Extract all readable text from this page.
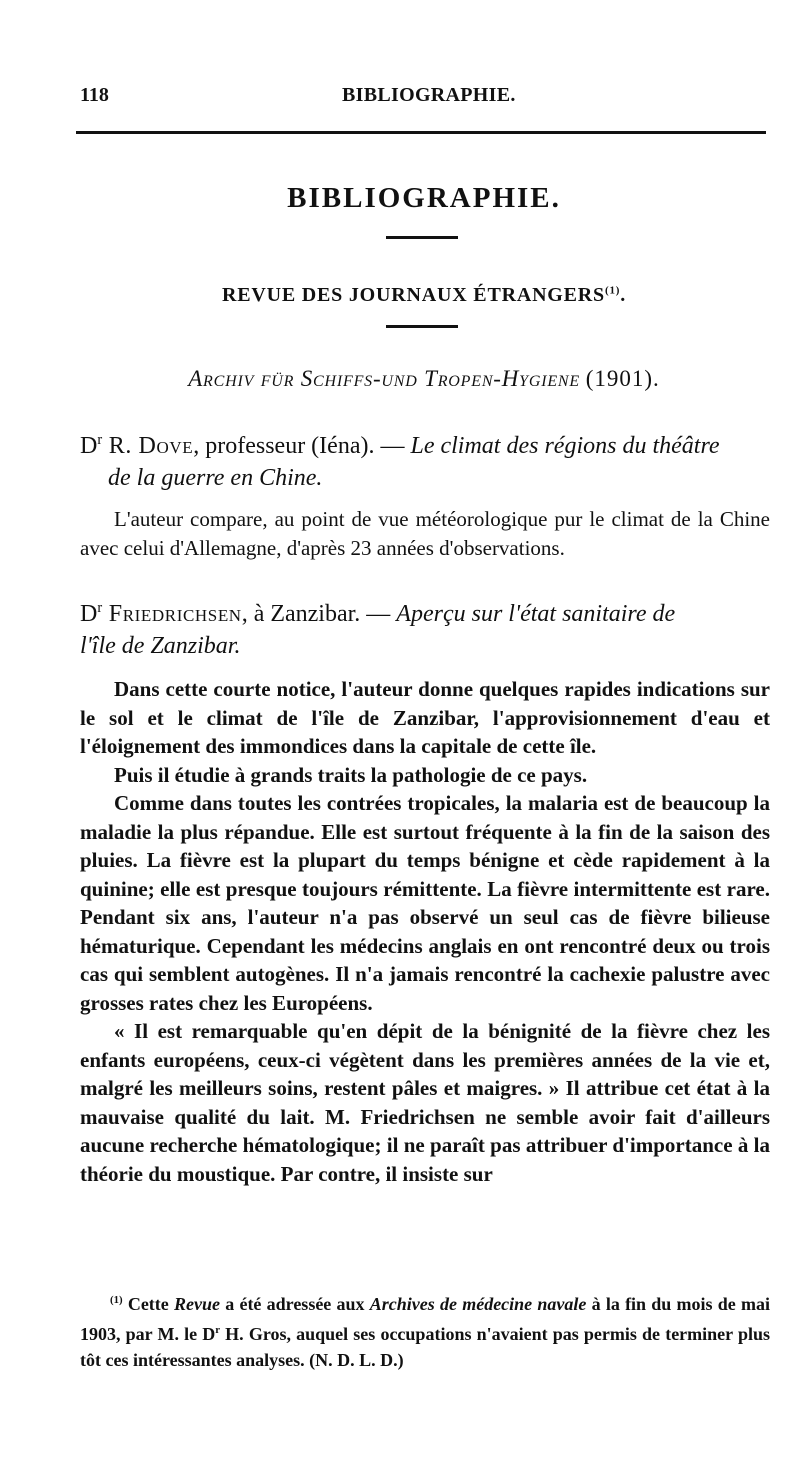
118	BIBLIOGRAPHIE.
BIBLIOGRAPHIE.
REVUE DES JOURNAUX ÉTRANGERS$^{(1)}$.
Archiv für Schiffs-und Tropen-Hygiene (1901).
$D^r$ R. Dove, professeur (Iéna). — Le climat des régions du théâtre
de la guerre en Chine.

L'auteur compare, au point de vue météorologique pur le climat de la Chine avec celui d'Allemagne, d'après 23 années d'observations.

$D^r$ Friedrichsen, à Zanzibar. — Aperçu sur l'état sanitaire de
l'île de Zanzibar.

Dans cette courte notice, l'auteur donne quelques rapides indications sur le sol et le climat de l'île de Zanzibar, l'approvisionnement d'eau et l'éloignement des immondices dans la capitale de cette île.

Puis il étudie à grands traits la pathologie de ce pays.

Comme dans toutes les contrées tropicales, la malaria est de beaucoup la maladie la plus répandue. Elle est surtout fréquente à la fin de la saison des pluies. La fièvre est la plupart du temps bénigne et cède rapidement à la quinine; elle est presque toujours rémittente. La fièvre intermittente est rare. Pendant six ans, l'auteur n'a pas observé un seul cas de fièvre bilieuse hématurique. Cependant les médecins anglais en ont rencontré deux ou trois cas qui semblent autogènes. Il n'a jamais rencontré la cachexie palustre avec grosses rates chez les Européens.

« Il est remarquable qu'en dépit de la bénignité de la fièvre chez les enfants européens, ceux-ci végètent dans les premières années de la vie et, malgré les meilleurs soins, restent pâles et maigres. » Il attribue cet état à la mauvaise qualité du lait. M. Friedrichsen ne semble avoir fait d'ailleurs aucune recherche hématologique; il ne paraît pas attribuer d'importance à la théorie du moustique. Par contre, il insiste sur

$^{(1)}$ Cette Revue a été adressée aux Archives de médecine navale à la fin du mois de mai 1903, par M. le $D^r$ H. Gros, auquel ses occupations n'avaient pas permis de terminer plus tôt ces intéressantes analyses. (N. D. L. D.)
